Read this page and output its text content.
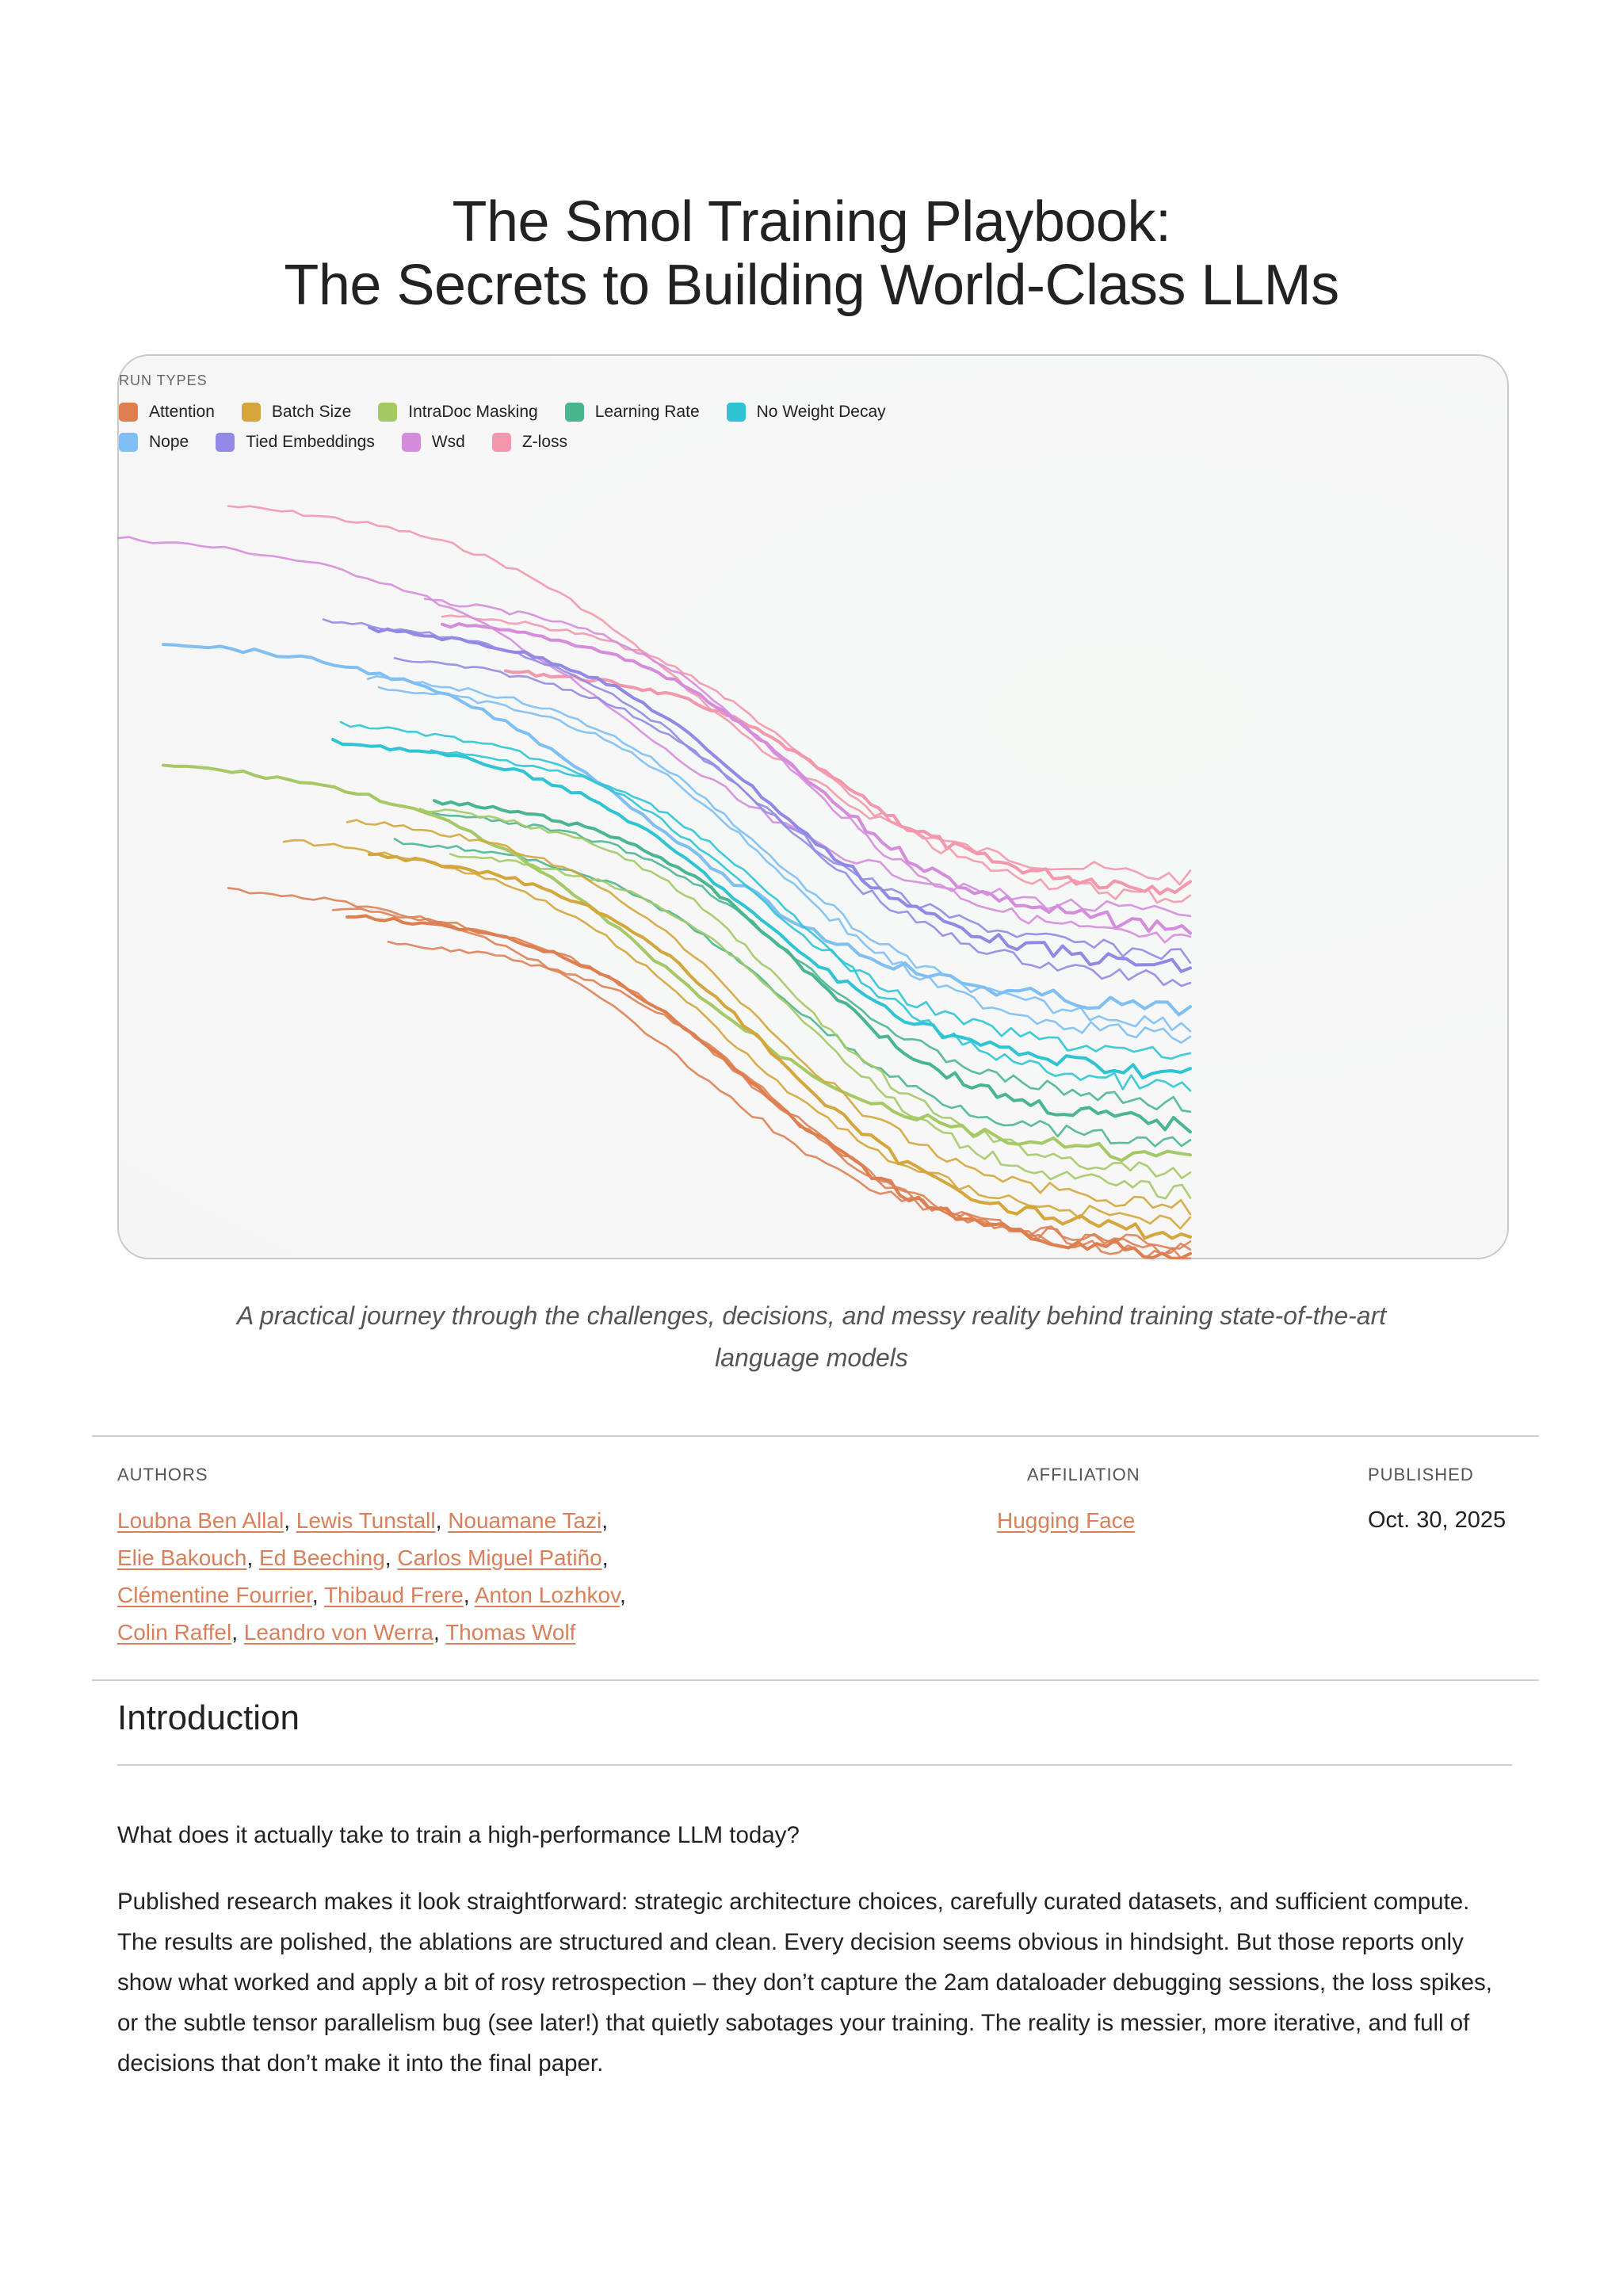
The Smol Training Playbook:
The Secrets to Building World-Class LLMs
RUN TYPES
Attention	Batch Size	IntraDoc Masking	Learning Rate	No Weight Decay
Nope	Tied Embeddings	Wsd	Z-loss
A practical journey through the challenges, decisions, and messy reality behind training state-of-the-art language models
AUTHORS	AFFILIATION	PUBLISHED
Loubna Ben Allal, Lewis Tunstall, Nouamane Tazi,
Elie Bakouch, Ed Beeching, Carlos Miguel Patiño,
Clémentine Fourrier, Thibaud Frere, Anton Lozhkov,
Colin Raffel, Leandro von Werra, Thomas Wolf
Hugging Face	Oct. 30, 2025
Introduction

What does it actually take to train a high-performance LLM today?

Published research makes it look straightforward: strategic architecture choices, carefully curated datasets, and sufficient compute. The results are polished, the ablations are structured and clean. Every decision seems obvious in hindsight. But those reports only show what worked and apply a bit of rosy retrospection – they don’t capture the 2am dataloader debugging sessions, the loss spikes, or the subtle tensor parallelism bug (see later!) that quietly sabotages your training. The reality is messier, more iterative, and full of decisions that don’t make it into the final paper.
